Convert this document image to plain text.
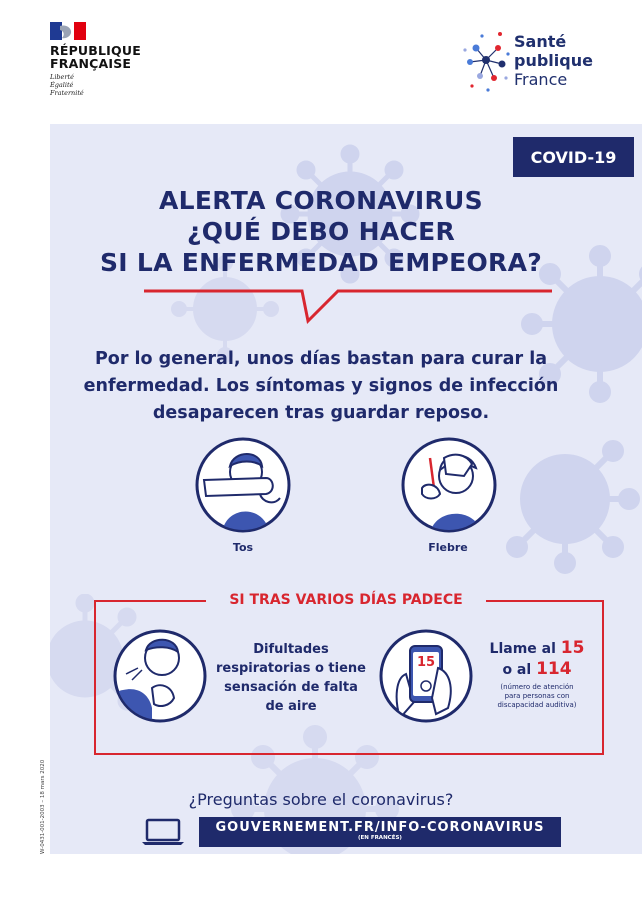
RÉPUBLIQUE
FRANÇAISE
Liberté
Égalité
Fraternité
Santé
publique
France
COVID-19
ALERTA CORONAVIRUS
¿QUÉ DEBO HACER
SI LA ENFERMEDAD EMPEORA?
Por lo general, unos días bastan para curar la
enfermedad. Los síntomas y signos de infección
desaparecen tras guardar reposo.
Tos	Flebre
SI TRAS VARIOS DÍAS PADECE
Difultades
respiratorias o tiene
sensación de falta
de aire
15
Llame al 15
o al 114
(número de atención
para personas con
discapacidad auditiva)
¿Preguntas sobre el coronavirus?
GOUVERNEMENT.FR/INFO-CORONAVIRUS
(EN FRANCÉS)
W-0431-001-2003 – 18 mars 2020
